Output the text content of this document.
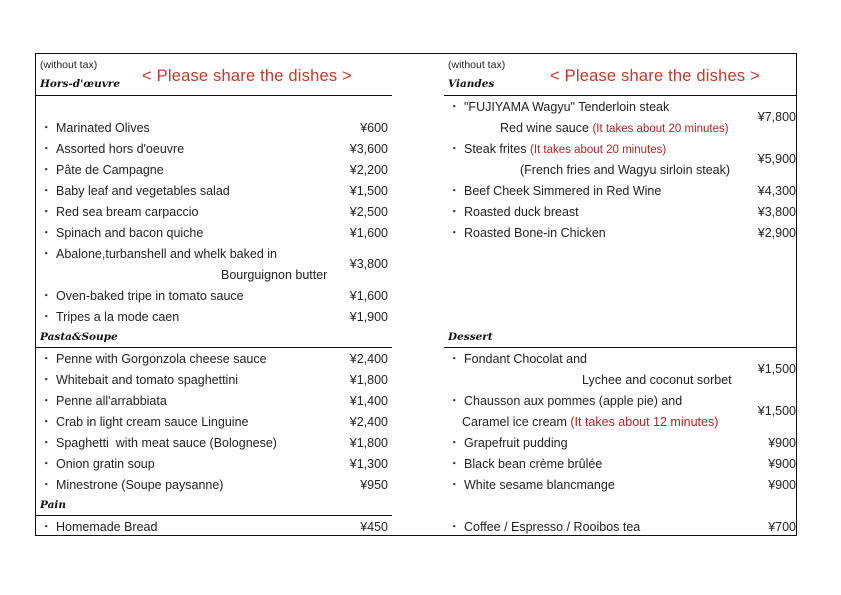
(without tax)
Hors-d'œuvre < Please share the dishes >
・ Marinated Olives	¥600
・ Assorted hors d'oeuvre	¥3,600
・ Pâte de Campagne	¥2,200
・ Baby leaf and vegetables salad	¥1,500
・ Red sea bream carpaccio	¥2,500
・ Spinach and bacon quiche	¥1,600
・ Abalone,turbanshell and whelk baked in
Bourguignon butter
¥3,800
・ Oven-baked tripe in tomato sauce	¥1,600
・ Tripes a la mode caen	¥1,900
Pasta&Soupe
・ Penne with Gorgonzola cheese sauce	¥2,400
・ Whitebait and tomato spaghettini	¥1,800
・ Penne all'arrabbiata	¥1,400
・ Crab in light cream sauce Linguine	¥2,400
・ Spaghetti  with meat sauce (Bolognese)	¥1,800
・ Onion gratin soup	¥1,300
・ Minestrone (Soupe paysanne)	¥950
Pain
・ Homemade Bread	¥450
(without tax)
Viandes	< Please share the dishes >
・ "FUJIYAMA Wagyu" Tenderloin steak
Red wine sauce (It takes about 20 minutes)
¥7,800
・ Steak frites (It takes about 20 minutes)
(French fries and Wagyu sirloin steak)
¥5,900
・ Beef Cheek Simmered in Red Wine	¥4,300
・ Roasted duck breast	¥3,800
・ Roasted Bone-in Chicken	¥2,900
Dessert
・ Fondant Chocolat and
Lychee and coconut sorbet
¥1,500
・ Chausson aux pommes (apple pie) and
Caramel ice cream (It takes about 12 minutes)
¥1,500
・ Grapefruit pudding	¥900
・ Black bean crème brûlée	¥900
・ White sesame blancmange	¥900
・ Coffee / Espresso / Rooibos tea	¥700
